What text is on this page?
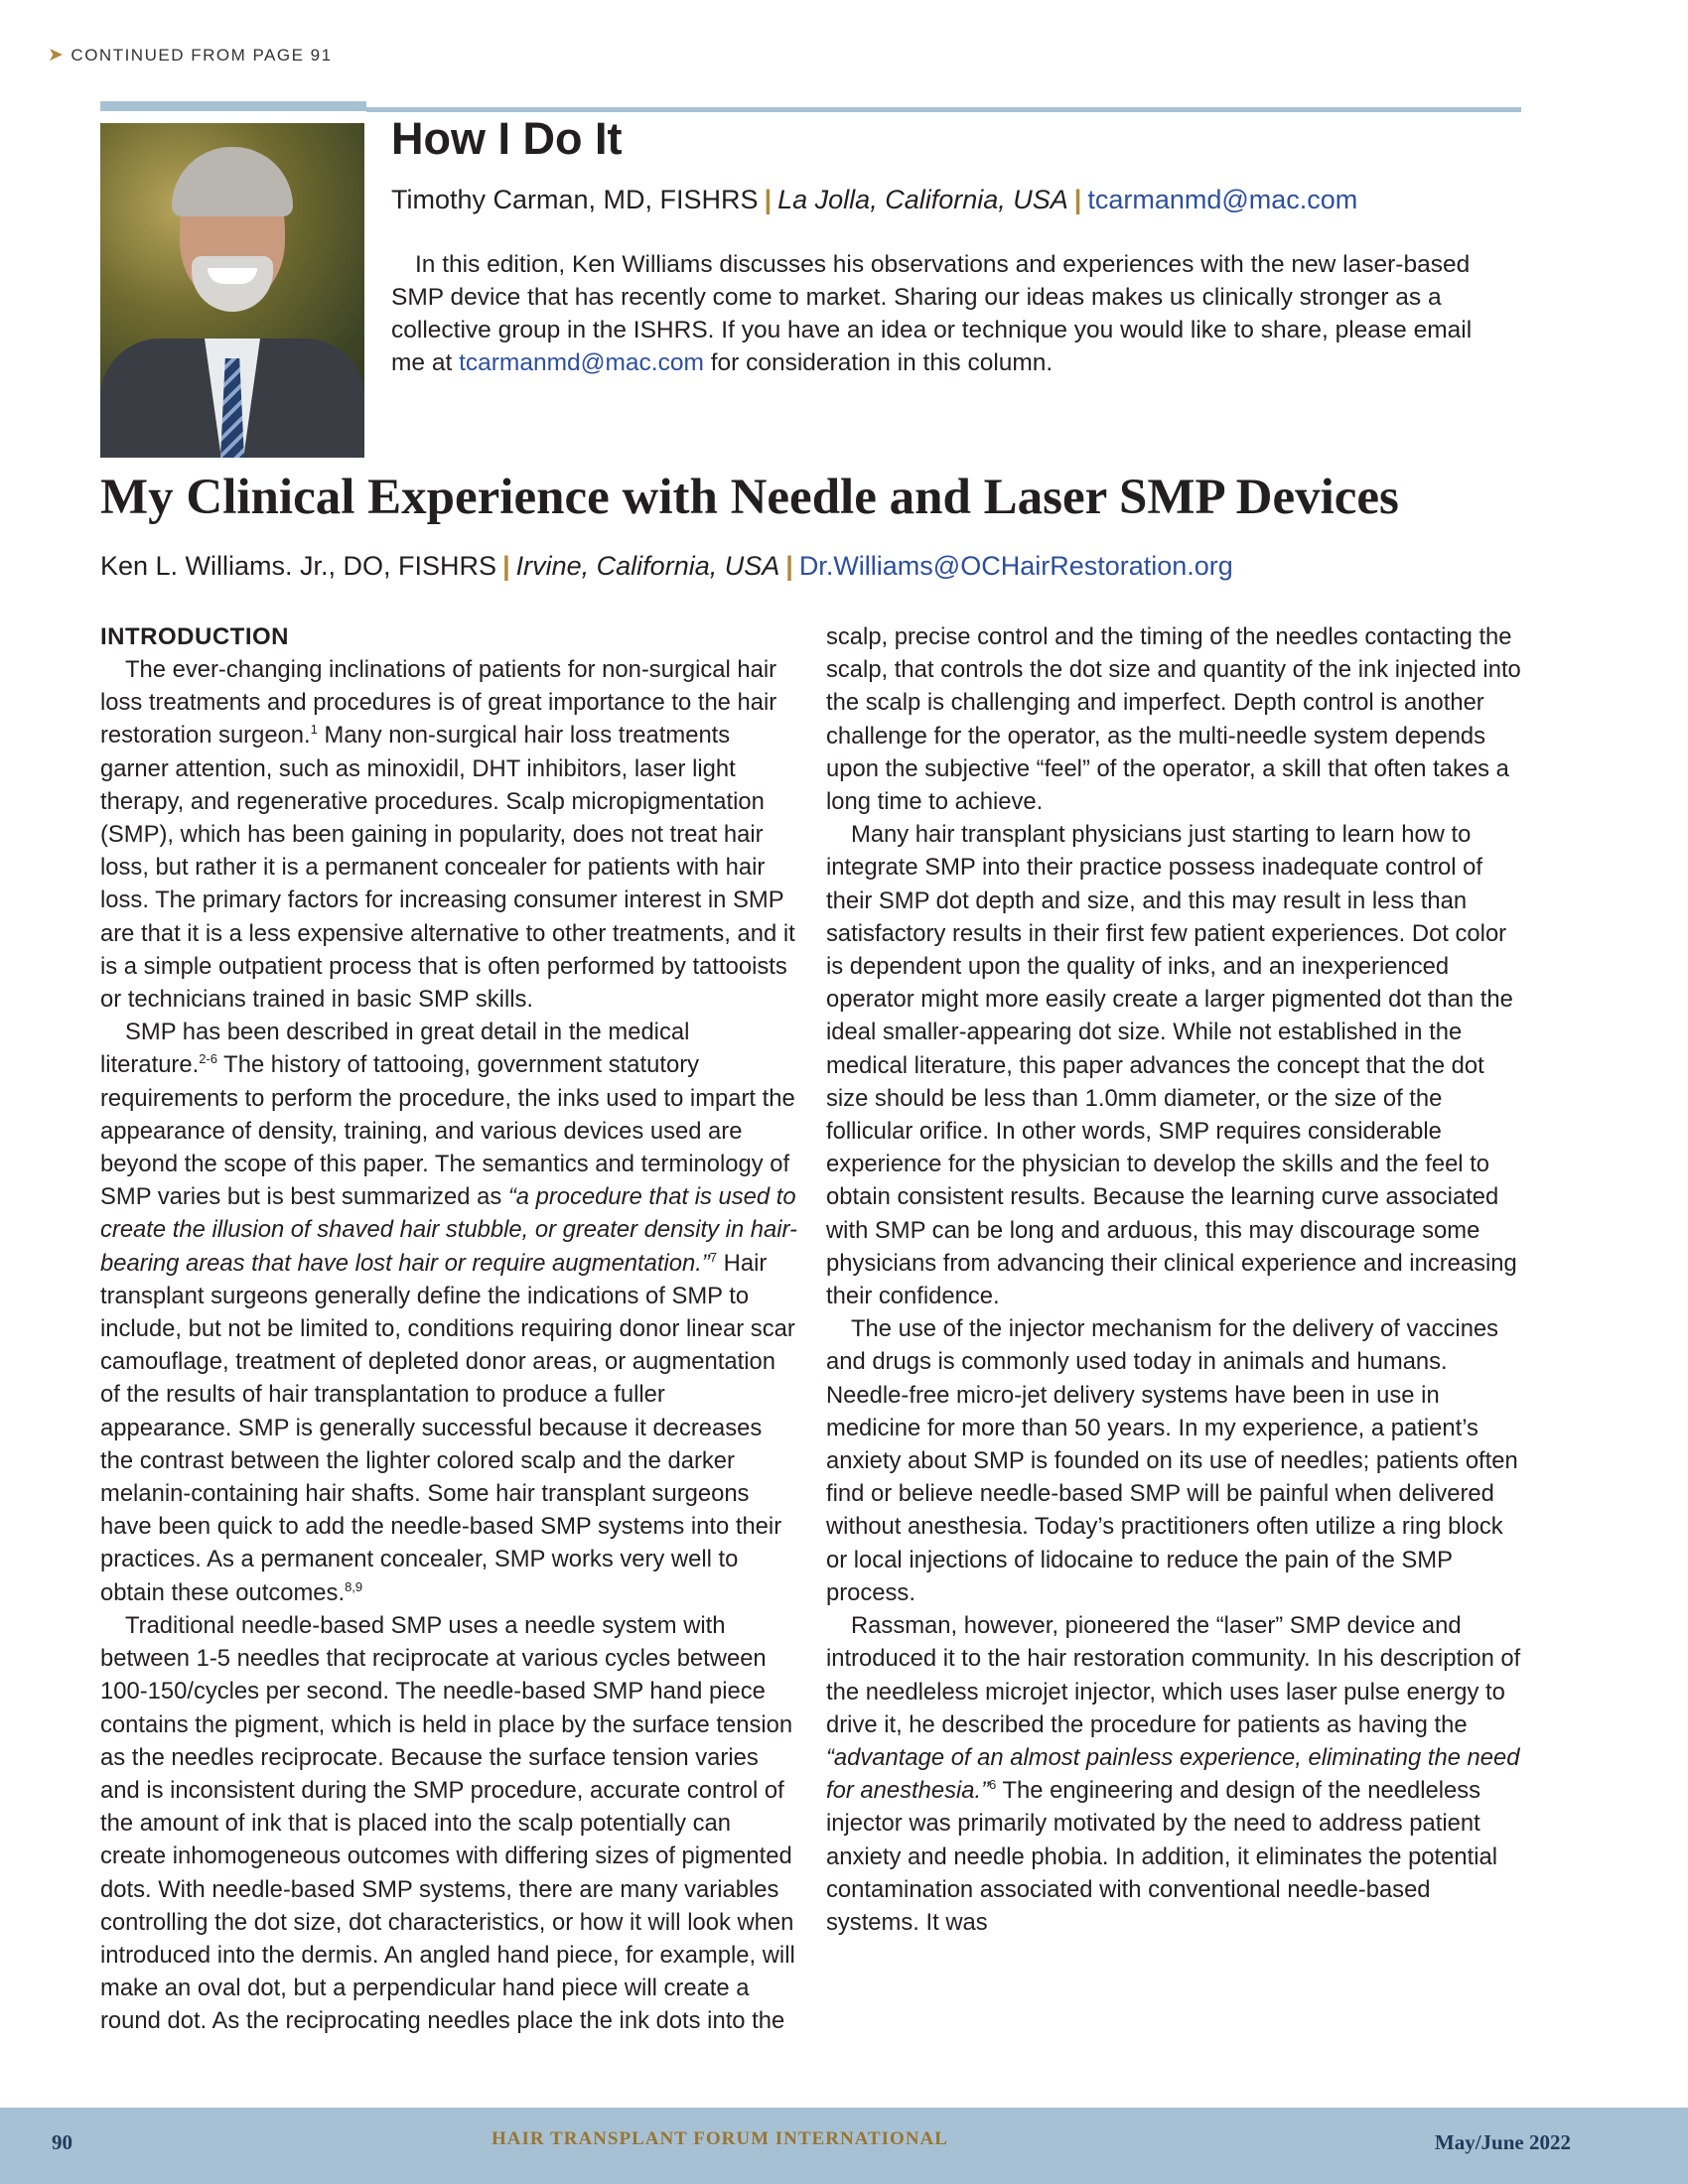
➤ CONTINUED FROM PAGE 91
How I Do It
Timothy Carman, MD, FISHRS | La Jolla, California, USA | tcarmanmd@mac.com

In this edition, Ken Williams discusses his observations and experiences with the new laser-based SMP device that has recently come to market. Sharing our ideas makes us clinically stronger as a collective group in the ISHRS. If you have an idea or technique you would like to share, please email me at tcarmanmd@mac.com for consideration in this column.

My Clinical Experience with Needle and Laser SMP Devices
Ken L. Williams. Jr., DO, FISHRS | Irvine, California, USA | Dr.Williams@OCHairRestoration.org
INTRODUCTION

The ever-changing inclinations of patients for non-surgical hair loss treatments and procedures is of great importance to the hair restoration surgeon.$^1$ Many non-surgical hair loss treatments garner attention, such as minoxidil, DHT inhibitors, laser light therapy, and regenerative procedures. Scalp micropigmentation (SMP), which has been gaining in popularity, does not treat hair loss, but rather it is a permanent concealer for patients with hair loss. The primary factors for increasing consumer interest in SMP are that it is a less expensive alternative to other treatments, and it is a simple outpatient process that is often performed by tattooists or technicians trained in basic SMP skills.

SMP has been described in great detail in the medical literature.$^{2-6}$ The history of tattooing, government statutory requirements to perform the procedure, the inks used to impart the appearance of density, training, and various devices used are beyond the scope of this paper. The semantics and terminology of SMP varies but is best summarized as “a procedure that is used to create the illusion of shaved hair stubble, or greater density in hair-bearing areas that have lost hair or require augmentation.”$^7$ Hair transplant surgeons generally define the indications of SMP to include, but not be limited to, conditions requiring donor linear scar camouflage, treatment of depleted donor areas, or augmentation of the results of hair transplantation to produce a fuller appearance. SMP is generally successful because it decreases the contrast between the lighter colored scalp and the darker melanin-containing hair shafts. Some hair transplant surgeons have been quick to add the needle-based SMP systems into their practices. As a permanent concealer, SMP works very well to obtain these outcomes.$^{8,9}$

Traditional needle-based SMP uses a needle system with between 1-5 needles that reciprocate at various cycles between 100-150/cycles per second. The needle-based SMP hand piece contains the pigment, which is held in place by the surface tension as the needles reciprocate. Because the surface tension varies and is inconsistent during the SMP procedure, accurate control of the amount of ink that is placed into the scalp potentially can create inhomogeneous outcomes with differing sizes of pigmented dots. With needle-based SMP systems, there are many variables controlling the dot size, dot characteristics, or how it will look when introduced into the dermis. An angled hand piece, for example, will make an oval dot, but a perpendicular hand piece will create a round dot. As the reciprocating needles place the ink dots into the

scalp, precise control and the timing of the needles contacting the scalp, that controls the dot size and quantity of the ink injected into the scalp is challenging and imperfect. Depth control is another challenge for the operator, as the multi-needle system depends upon the subjective “feel” of the operator, a skill that often takes a long time to achieve.

Many hair transplant physicians just starting to learn how to integrate SMP into their practice possess inadequate control of their SMP dot depth and size, and this may result in less than satisfactory results in their first few patient experiences. Dot color is dependent upon the quality of inks, and an inexperienced operator might more easily create a larger pigmented dot than the ideal smaller-appearing dot size. While not established in the medical literature, this paper advances the concept that the dot size should be less than 1.0mm diameter, or the size of the follicular orifice. In other words, SMP requires considerable experience for the physician to develop the skills and the feel to obtain consistent results. Because the learning curve associated with SMP can be long and arduous, this may discourage some physicians from advancing their clinical experience and increasing their confidence.

The use of the injector mechanism for the delivery of vaccines and drugs is commonly used today in animals and humans. Needle-free micro-jet delivery systems have been in use in medicine for more than 50 years. In my experience, a patient’s anxiety about SMP is founded on its use of needles; patients often find or believe needle-based SMP will be painful when delivered without anesthesia. Today’s practitioners often utilize a ring block or local injections of lidocaine to reduce the pain of the SMP process.

Rassman, however, pioneered the “laser” SMP device and introduced it to the hair restoration community. In his description of the needleless microjet injector, which uses laser pulse energy to drive it, he described the procedure for patients as having the “advantage of an almost painless experience, eliminating the need for anesthesia.”$^6$ The engineering and design of the needleless injector was primarily motivated by the need to address patient anxiety and needle phobia. In addition, it eliminates the potential contamination associated with conventional needle-based systems. It was

90	HAIR TRANSPLANT FORUM INTERNATIONAL	May/June 2022
